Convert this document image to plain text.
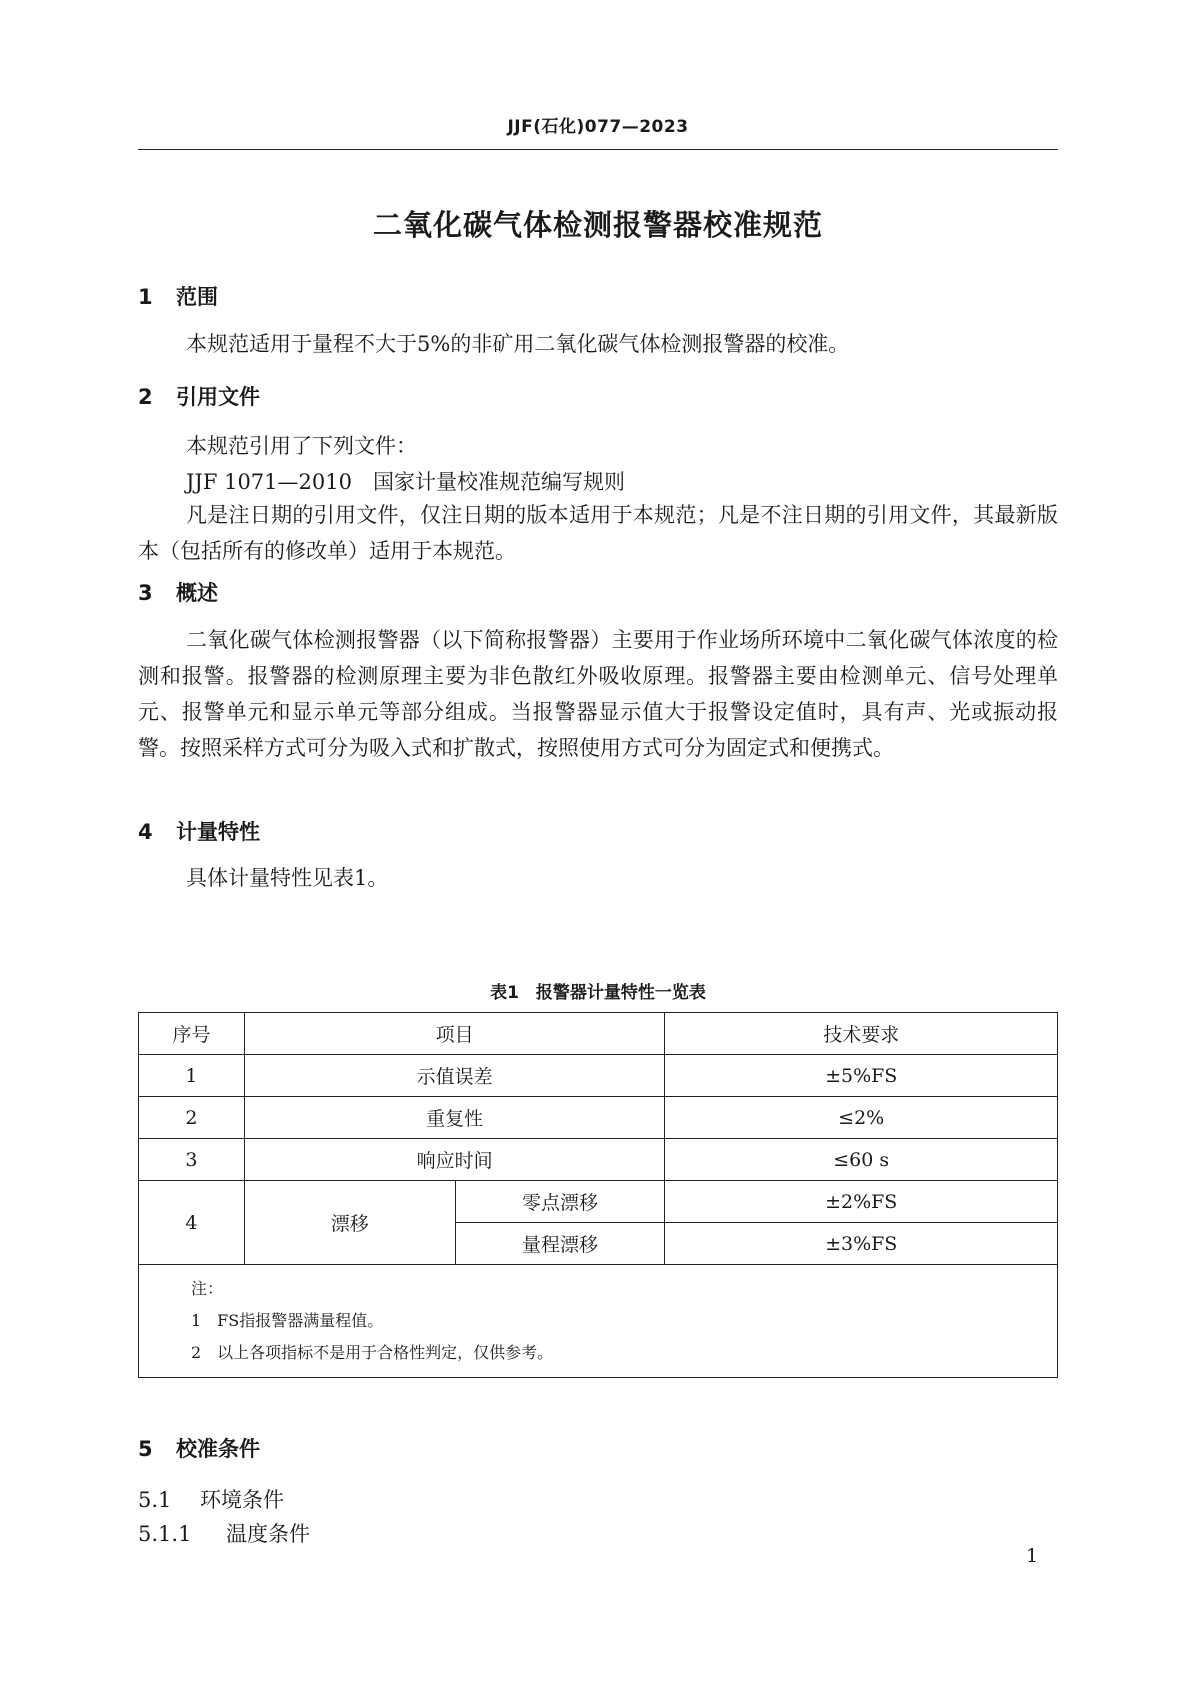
JJF(石化)077—2023
二氧化碳气体检测报警器校准规范
1 范围
本规范适用于量程不大于5%的非矿用二氧化碳气体检测报警器的校准。
2 引用文件
本规范引用了下列文件：
JJF 1071—2010　国家计量校准规范编写规则
凡是注日期的引用文件，仅注日期的版本适用于本规范；凡是不注日期的引用文件，其最新版本（包括所有的修改单）适用于本规范。
3 概述
二氧化碳气体检测报警器（以下简称报警器）主要用于作业场所环境中二氧化碳气体浓度的检测和报警。报警器的检测原理主要为非色散红外吸收原理。报警器主要由检测单元、信号处理单元、报警单元和显示单元等部分组成。当报警器显示值大于报警设定值时，具有声、光或振动报警。按照采样方式可分为吸入式和扩散式，按照使用方式可分为固定式和便携式。
4 计量特性
具体计量特性见表1。
表1　报警器计量特性一览表
序号	项目		技术要求
1	示值误差		±5%FS
2	重复性		≤2%
3	响应时间		≤60 s
4	漂移	零点漂移	±2%FS
		量程漂移	±3%FS

注：
1　FS指报警器满量程值。
2　以上各项指标不是用于合格性判定，仅供参考。			
5 校准条件
5.1 环境条件
5.1.1 温度条件
1
